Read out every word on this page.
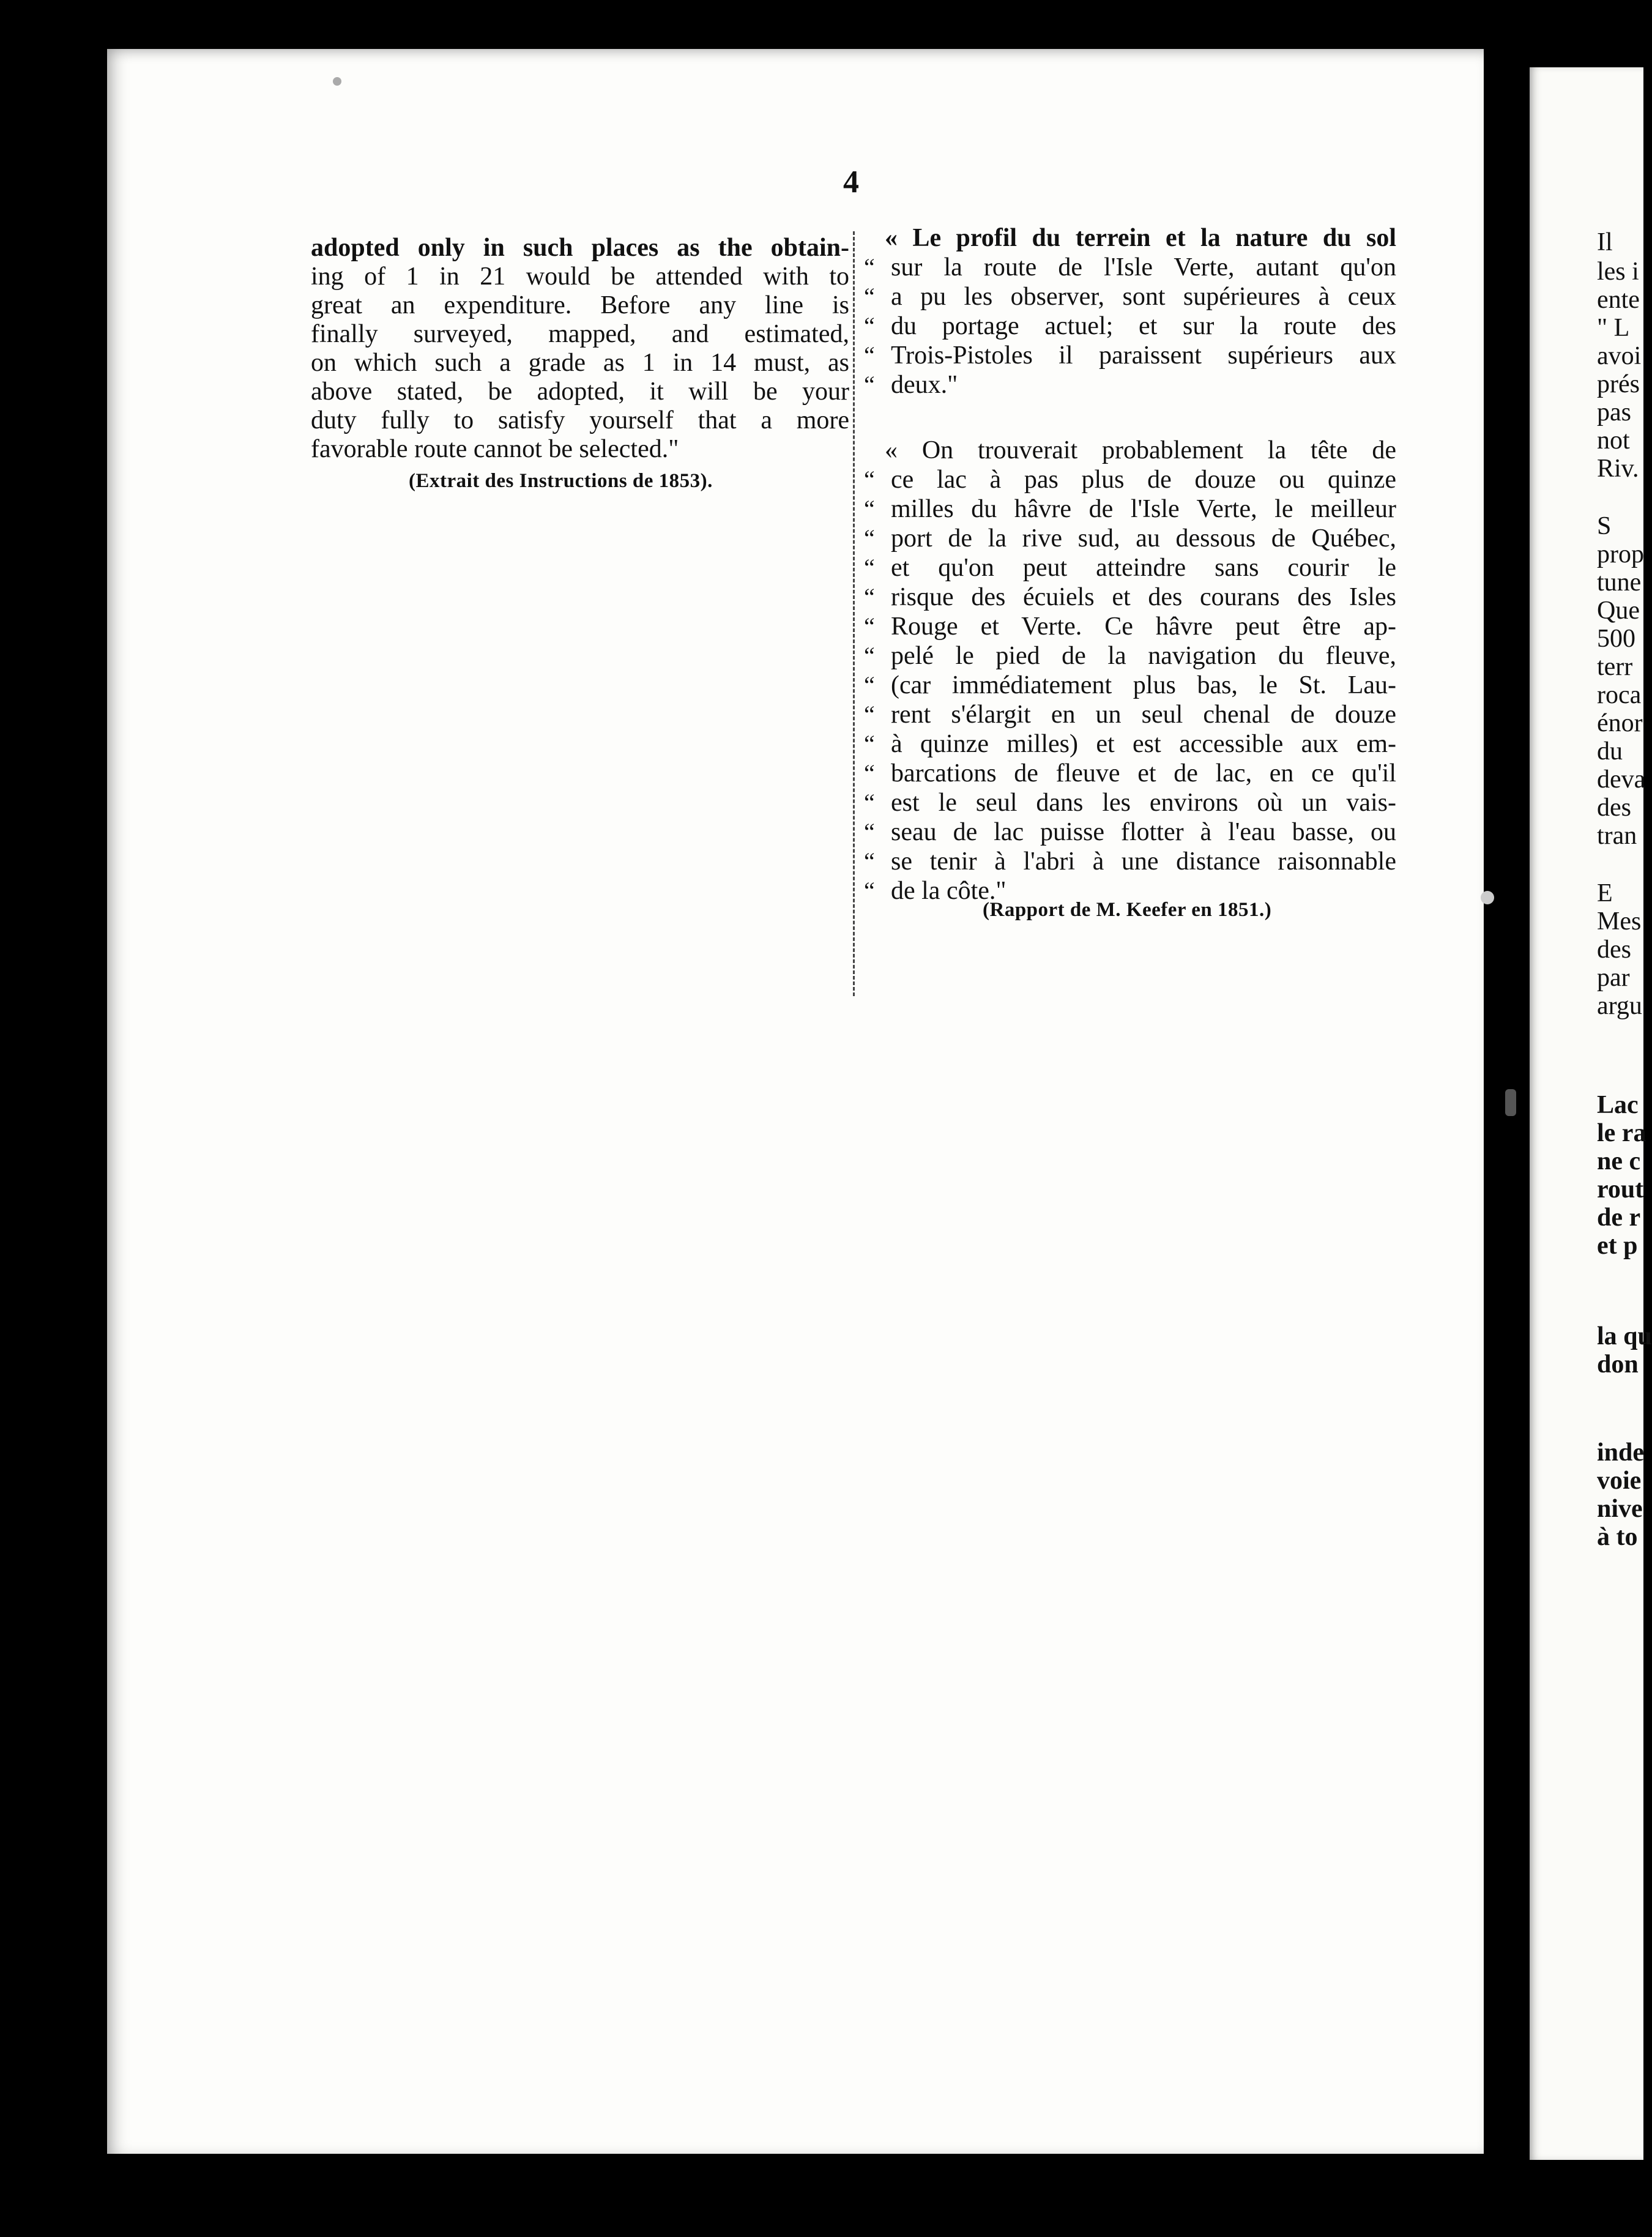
Il
les i
ente
" L
avoi
prés
pas
not
Riv.
S
prop
tune
Que
500
terr
roca
énor
du
deva
des
tran
E
Mes
des
par
argu
Lac
le ra
ne c
rout
de r
et p
la qu
don
inde
voie
nive
à to
4
adopted only in such places as the obtain-
ing of 1 in 21 would be attended with to
great an expenditure. Before any line is
finally surveyed, mapped, and estimated,
on which such a grade as 1 in 14 must, as
above stated, be adopted, it will be your
duty fully to satisfy yourself that a more
favorable route cannot be selected."
(Extrait des Instructions de 1853).
« Le profil du terrein et la nature du sol
“ sur la route de l'Isle Verte, autant qu'on
“ a pu les observer, sont supérieures à ceux
“ du portage actuel; et sur la route des
“ Trois-Pistoles il paraissent supérieurs aux
“ deux."
« On trouverait probablement la tête de
“ ce lac à pas plus de douze ou quinze
“ milles du hâvre de l'Isle Verte, le meilleur
“ port de la rive sud, au dessous de Québec,
“ et qu'on peut atteindre sans courir le
“ risque des écuiels et des courans des Isles
“ Rouge et Verte. Ce hâvre peut être ap-
“ pelé le pied de la navigation du fleuve,
“ (car immédiatement plus bas, le St. Lau-
“ rent s'élargit en un seul chenal de douze
“ à quinze milles) et est accessible aux em-
“ barcations de fleuve et de lac, en ce qu'il
“ est le seul dans les environs où un vais-
“ seau de lac puisse flotter à l'eau basse, ou
“ se tenir à l'abri à une distance raisonnable
“ de la côte."
(Rapport de M. Keefer en 1851.)
